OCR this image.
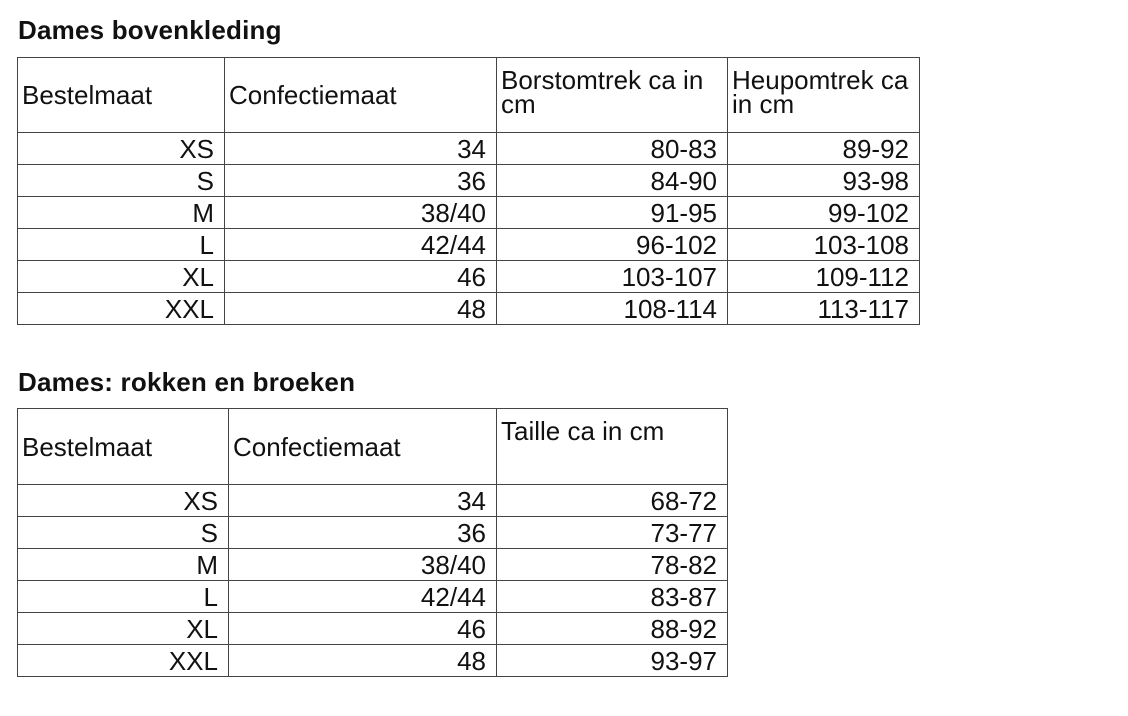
Dames bovenkleding
Bestelmaat	Confectiemaat	Borstomtrek ca in cm	Heupomtrek ca in cm
XS	34	80-83	89-92
S	36	84-90	93-98
M	38/40	91-95	99-102
L	42/44	96-102	103-108
XL	46	103-107	109-112
XXL	48	108-114	113-117
Dames: rokken en broeken
Bestelmaat	Confectiemaat	Taille ca in cm
XS	34	68-72
S	36	73-77
M	38/40	78-82
L	42/44	83-87
XL	46	88-92
XXL	48	93-97
